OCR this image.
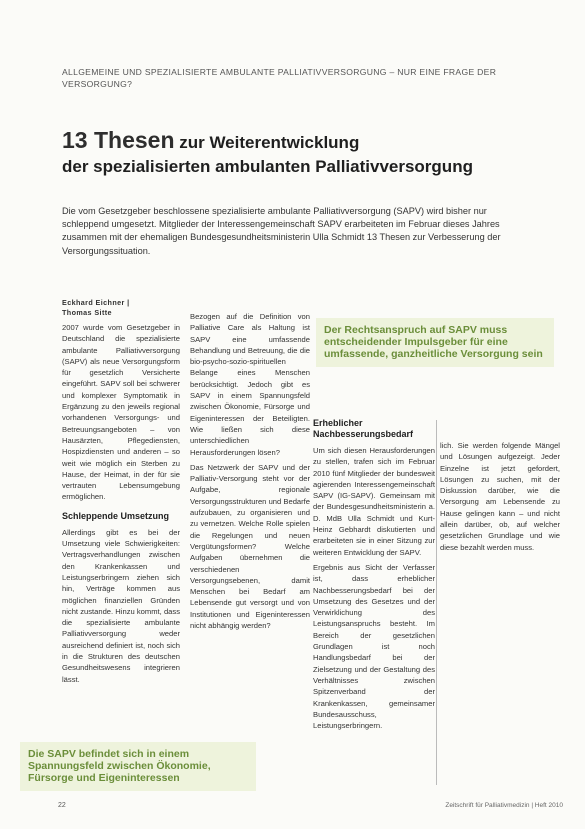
ALLGEMEINE UND SPEZIALISIERTE AMBULANTE PALLIATIVVERSORGUNG – NUR EINE FRAGE DER VERSORGUNG?
13 Thesen zur Weiterentwicklung
der spezialisierten ambulanten Palliativversorgung
Die vom Gesetzgeber beschlossene spezialisierte ambulante Palliativversorgung (SAPV) wird bisher nur schleppend umgesetzt. Mitglieder der Interessengemeinschaft SAPV erarbeiteten im Februar dieses Jahres zusammen mit der ehemaligen Bundesgesundheitsministerin Ulla Schmidt 13 Thesen zur Verbesserung der Versorgungssituation.
Eckhard Eichner |
Thomas Sitte

2007 wurde vom Gesetzgeber in Deutschland die spezialisierte ambulante Palliativversorgung (SAPV) als neue Versorgungsform für gesetzlich Versicherte eingeführt. SAPV soll bei schwerer und komplexer Symptomatik in Ergänzung zu den jeweils regional vorhandenen Versorgungs- und Betreuungsangeboten – von Hausärzten, Pflegediensten, Hospizdiensten und anderen – so weit wie möglich ein Sterben zu Hause, der Heimat, in der für sie vertrauten Lebensumgebung ermöglichen.

Schleppende Umsetzung

Allerdings gibt es bei der Umsetzung viele Schwierigkeiten: Vertragsverhandlungen zwischen den Krankenkassen und Leistungserbringern ziehen sich hin, Verträge kommen aus möglichen finanziellen Gründen nicht zustande. Hinzu kommt, dass die spezialisierte ambulante Palliativversorgung weder ausreichend definiert ist, noch sich in die Strukturen des deutschen Gesundheitswesens integrieren lässt.

Bezogen auf die Definition von Palliative Care als Haltung ist SAPV eine umfassende Behandlung und Betreuung, die die bio-psycho-sozio-spirituellen Belange eines Menschen berücksichtigt. Jedoch gibt es SAPV in einem Spannungsfeld zwischen Ökonomie, Fürsorge und Eigeninteressen der Beteiligten. Wie ließen sich diese unterschiedlichen Herausforderungen lösen?

Das Netzwerk der SAPV und der Palliativ-Versorgung steht vor der Aufgabe, regionale Versorgungsstrukturen und Bedarfe aufzubauen, zu organisieren und zu vernetzen. Welche Rolle spielen die Regelungen und neuen Vergütungsformen? Welche Aufgaben übernehmen die verschiedenen Versorgungsebenen, damit Menschen bei Bedarf am Lebensende gut versorgt und von Institutionen und Eigeninteressen nicht abhängig werden?

Der Rechtsanspruch auf SAPV muss entscheidender Impulsgeber für eine umfassende, ganzheitliche Versorgung sein
Erheblicher Nachbesserungsbedarf

Um sich diesen Herausforderungen zu stellen, trafen sich im Februar 2010 fünf Mitglieder der bundesweit agierenden Interessengemeinschaft SAPV (IG-SAPV). Gemeinsam mit der Bundesgesundheitsministerin a. D. MdB Ulla Schmidt und Kurt-Heinz Gebhardt diskutierten und erarbeiteten sie in einer Sitzung zur weiteren Entwicklung der SAPV.

Ergebnis aus Sicht der Verfasser ist, dass erheblicher Nachbesserungsbedarf bei der Umsetzung des Gesetzes und der Verwirklichung des Leistungsanspruchs besteht. Im Bereich der gesetzlichen Grundlagen ist noch Handlungsbedarf bei der Zielsetzung und der Gestaltung des Verhältnisses zwischen Spitzenverband der Krankenkassen, gemeinsamer Bundesausschuss, Leistungserbringern.

lich. Sie werden folgende Mängel und Lösungen aufgezeigt. Jeder Einzelne ist jetzt gefordert, Lösungen zu suchen, mit der Diskussion darüber, wie die Versorgung am Lebensende zu Hause gelingen kann – und nicht allein darüber, ob, auf welcher gesetzlichen Grundlage und wie diese bezahlt werden muss.

Die SAPV befindet sich in einem Spannungsfeld zwischen Ökonomie, Fürsorge und Eigeninteressen
22	Zeitschrift für Palliativmedizin | Heft 2010
